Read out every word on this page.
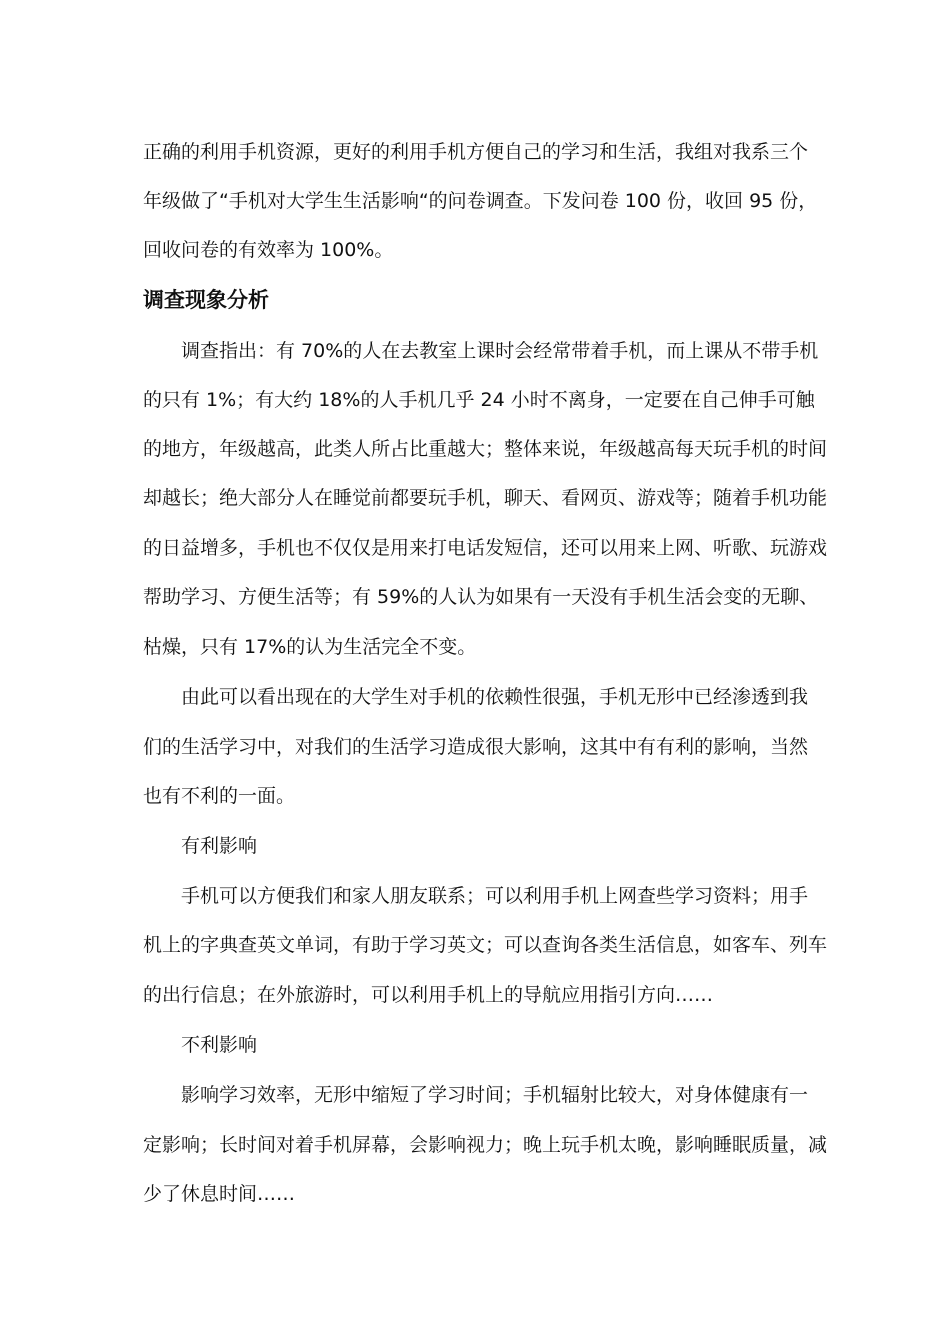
正确的利用手机资源，更好的利用手机方便自己的学习和生活，我组对我系三个
年级做了“手机对大学生生活影响“的问卷调查。下发问卷 100 份，收回 95 份，
回收问卷的有效率为 100%。
调查现象分析
调查指出：有 70%的人在去教室上课时会经常带着手机，而上课从不带手机
的只有 1%；有大约 18%的人手机几乎 24 小时不离身，一定要在自己伸手可触
的地方，年级越高，此类人所占比重越大；整体来说，年级越高每天玩手机的时间
却越长；绝大部分人在睡觉前都要玩手机，聊天、看网页、游戏等；随着手机功能
的日益增多，手机也不仅仅是用来打电话发短信，还可以用来上网、听歌、玩游戏
帮助学习、方便生活等；有 59%的人认为如果有一天没有手机生活会变的无聊、
枯燥，只有 17%的认为生活完全不变。
由此可以看出现在的大学生对手机的依赖性很强，手机无形中已经渗透到我
们的生活学习中，对我们的生活学习造成很大影响，这其中有有利的影响，当然
也有不利的一面。
有利影响
手机可以方便我们和家人朋友联系；可以利用手机上网查些学习资料；用手
机上的字典查英文单词，有助于学习英文；可以查询各类生活信息，如客车、列车
的出行信息；在外旅游时，可以利用手机上的导航应用指引方向……
不利影响
影响学习效率，无形中缩短了学习时间；手机辐射比较大，对身体健康有一
定影响；长时间对着手机屏幕，会影响视力；晚上玩手机太晚，影响睡眠质量，减
少了休息时间……
